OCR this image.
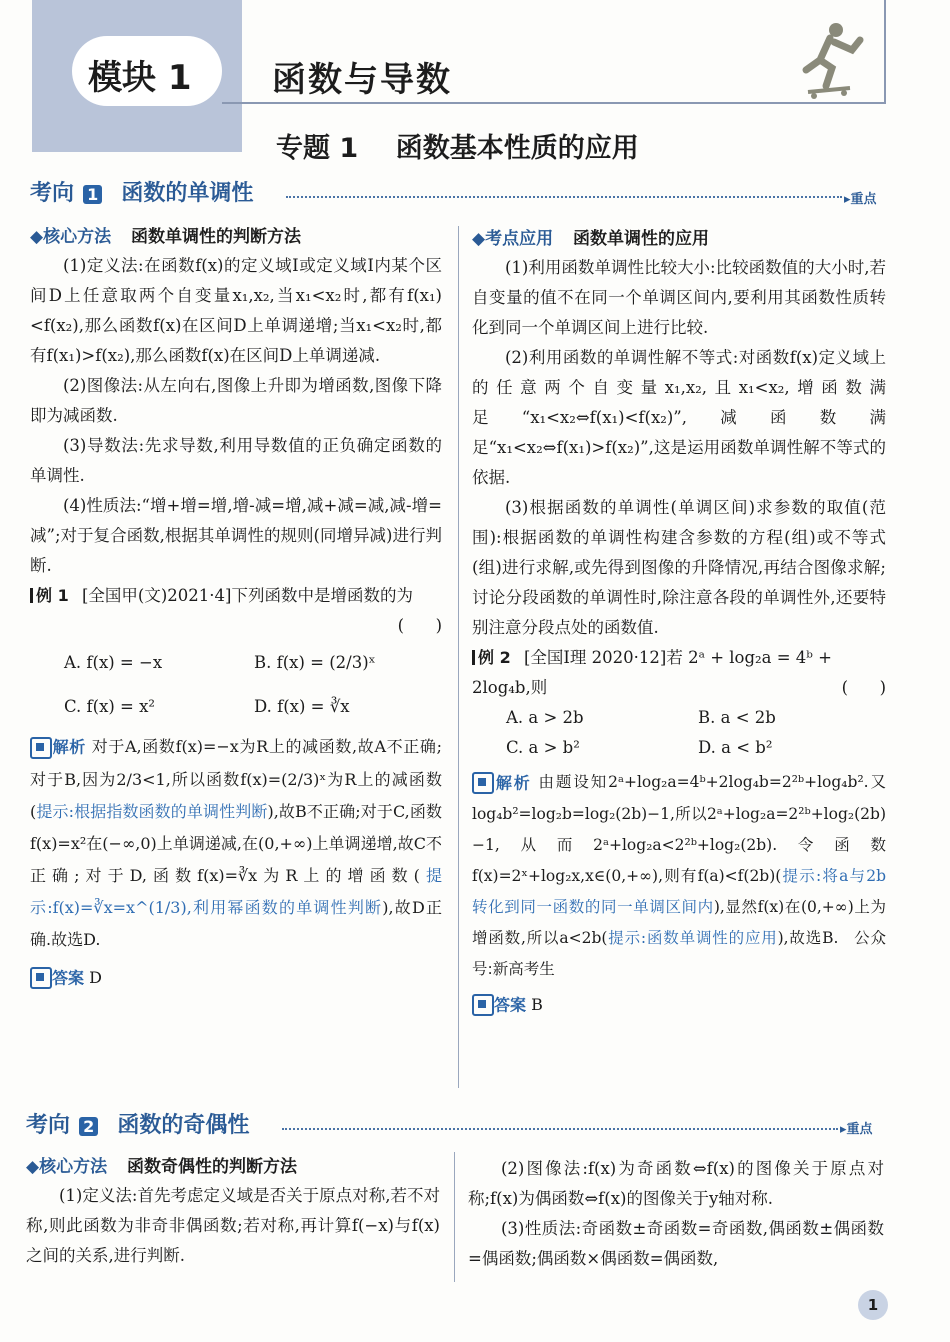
模块 1 函数与导数
专题 1    函数基本性质的应用
考向 1 函数的单调性	▸重点
◆核心方法 函数单调性的判断方法

(1)定义法:在函数f(x)的定义域I或定义域I内某个区间D上任意取两个自变量x₁,x₂,当x₁<x₂时,都有f(x₁)<f(x₂),那么函数f(x)在区间D上单调递增;当x₁<x₂时,都有f(x₁)>f(x₂),那么函数f(x)在区间D上单调递减.

(2)图像法:从左向右,图像上升即为增函数,图像下降即为减函数.

(3)导数法:先求导数,利用导数值的正负确定函数的单调性.

(4)性质法:“增+增=增,增-减=增,减+减=减,减-增=减”;对于复合函数,根据其单调性的规则(同增异减)进行判断.

例 1 [全国甲(文)2021·4]下列函数中是增函数的为
(      )
A. f(x) = −x	B. f(x) = (2/3)ˣ
C. f(x) = x²	D. f(x) = ∛x
解析 对于A,函数f(x)=−x为R上的减函数,故A不正确;对于B,因为2/3<1,所以函数f(x)=(2/3)ˣ为R上的减函数(提示:根据指数函数的单调性判断),故B不正确;对于C,函数f(x)=x²在(−∞,0)上单调递减,在(0,+∞)上单调递增,故C不正确;对于D,函数f(x)=∛x为R上的增函数(提示:f(x)=∛x=x^(1/3),利用幂函数的单调性判断),故D正确.故选D.
答案 D
◆考点应用 函数单调性的应用

(1)利用函数单调性比较大小:比较函数值的大小时,若自变量的值不在同一个单调区间内,要利用其函数性质转化到同一个单调区间上进行比较.

(2)利用函数的单调性解不等式:对函数f(x)定义域上的任意两个自变量x₁,x₂,且x₁<x₂,增函数满足“x₁<x₂⇔f(x₁)<f(x₂)”,减函数满足“x₁<x₂⇔f(x₁)>f(x₂)”,这是运用函数单调性解不等式的依据.

(3)根据函数的单调性(单调区间)求参数的取值(范围):根据函数的单调性构建含参数的方程(组)或不等式(组)进行求解,或先得到图像的升降情况,再结合图像求解;讨论分段函数的单调性时,除注意各段的单调性外,还要特别注意分段点处的函数值.

例 2 [全国Ⅰ理 2020·12]若 2ᵃ + log₂a = 4ᵇ + 2log₄b,则	(      )
A. a > 2b	B. a < 2b
C. a > b²	D. a < b²
解析 由题设知2ᵃ+log₂a=4ᵇ+2log₄b=2²ᵇ+log₄b².又log₄b²=log₂b=log₂(2b)−1,所以2ᵃ+log₂a=2²ᵇ+log₂(2b)−1,从而2ᵃ+log₂a<2²ᵇ+log₂(2b).令函数f(x)=2ˣ+log₂x,x∈(0,+∞),则有f(a)<f(2b)(提示:将a与2b转化到同一函数的同一单调区间内),显然f(x)在(0,+∞)上为增函数,所以a<2b(提示:函数单调性的应用),故选B. 公众号:新高考生
答案 B
考向 2 函数的奇偶性	▸重点
◆核心方法 函数奇偶性的判断方法

(1)定义法:首先考虑定义域是否关于原点对称,若不对称,则此函数为非奇非偶函数;若对称,再计算f(−x)与f(x)之间的关系,进行判断.

(2)图像法:f(x)为奇函数⇔f(x)的图像关于原点对称;f(x)为偶函数⇔f(x)的图像关于y轴对称.

(3)性质法:奇函数±奇函数=奇函数,偶函数±偶函数=偶函数;偶函数×偶函数=偶函数,

1
